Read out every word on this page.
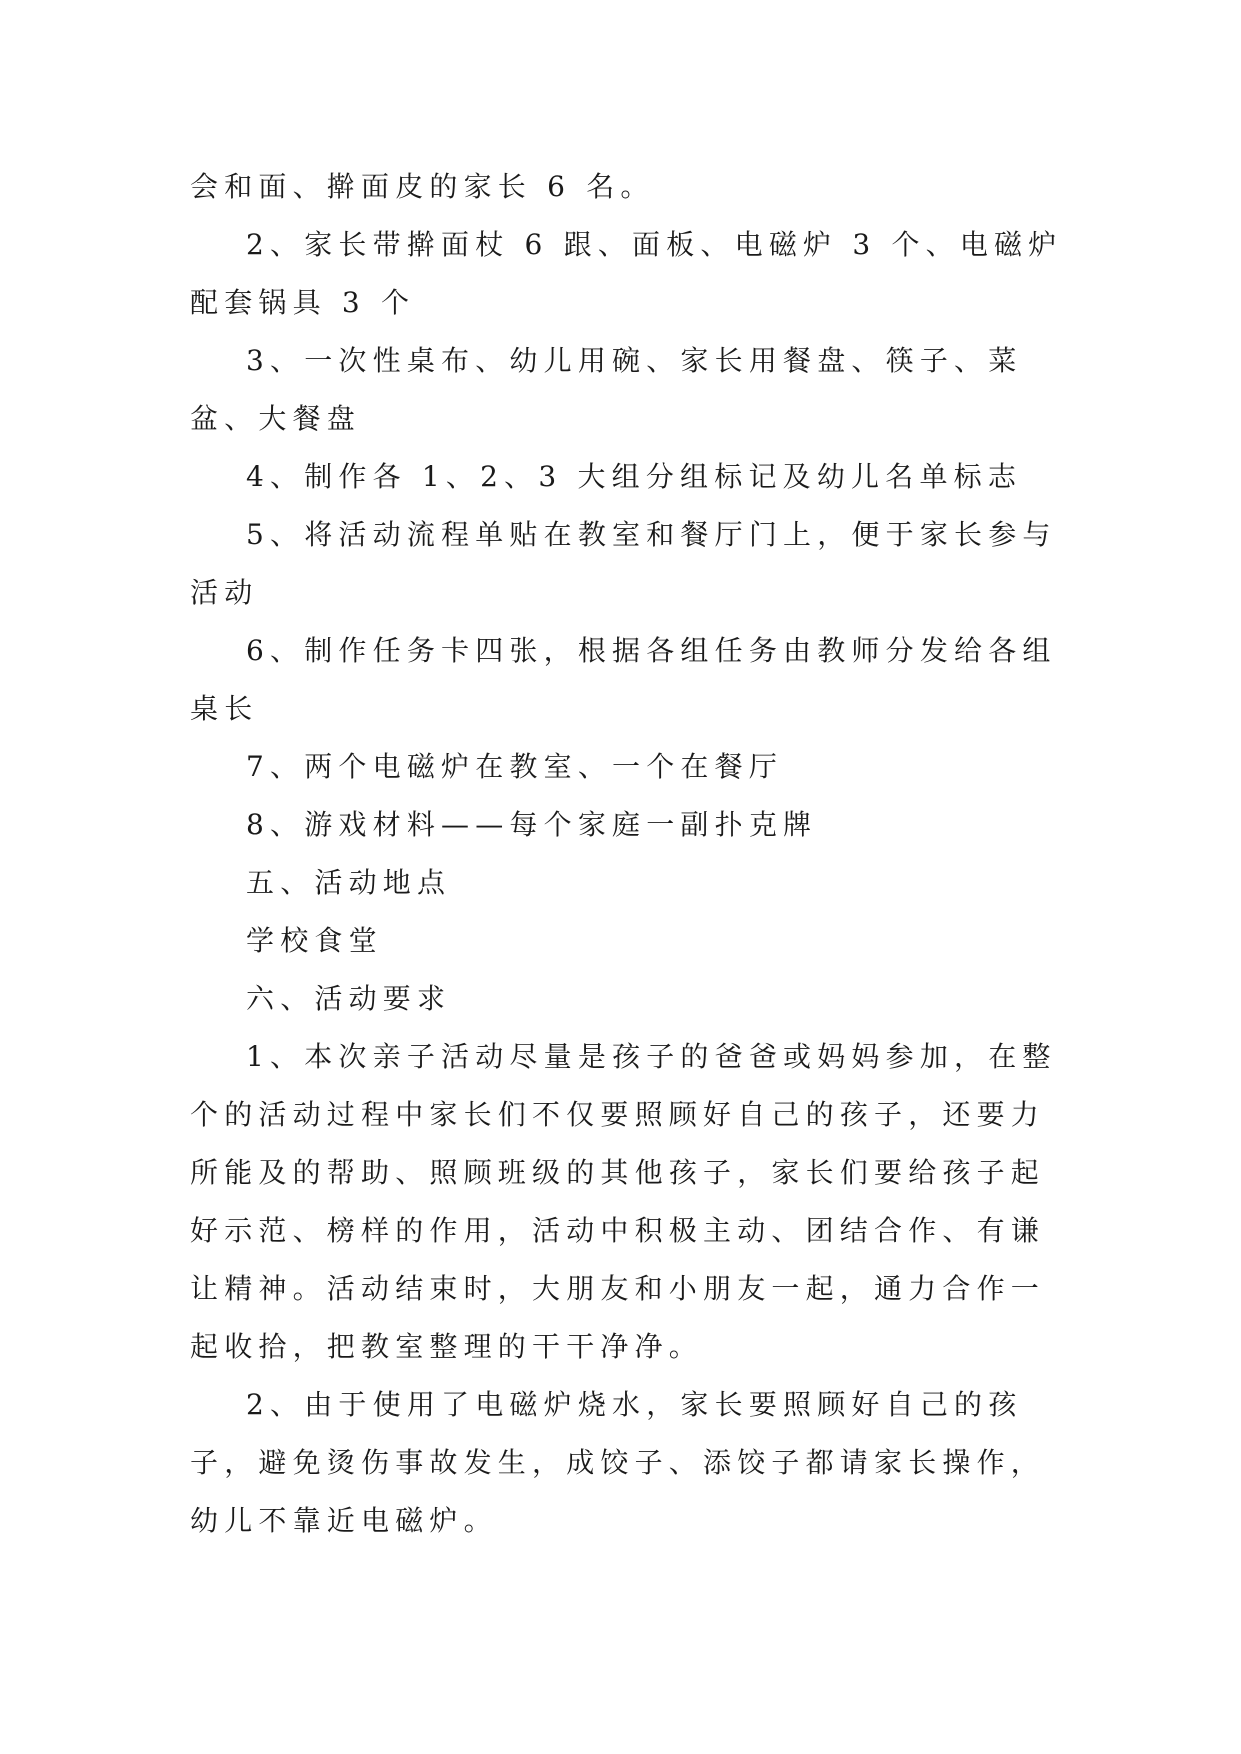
会和面、擀面皮的家长 6 名。

2、家长带擀面杖 6 跟、面板、电磁炉 3 个、电磁炉配套锅具 3 个

3、一次性桌布、幼儿用碗、家长用餐盘、筷子、菜盆、大餐盘

4、制作各 1、2、3 大组分组标记及幼儿名单标志

5、将活动流程单贴在教室和餐厅门上，便于家长参与活动

6、制作任务卡四张，根据各组任务由教师分发给各组桌长

7、两个电磁炉在教室、一个在餐厅

8、游戏材料——每个家庭一副扑克牌

五、活动地点

学校食堂

六、活动要求

1、本次亲子活动尽量是孩子的爸爸或妈妈参加，在整个的活动过程中家长们不仅要照顾好自己的孩子，还要力所能及的帮助、照顾班级的其他孩子，家长们要给孩子起好示范、榜样的作用，活动中积极主动、团结合作、有谦让精神。活动结束时，大朋友和小朋友一起，通力合作一起收拾，把教室整理的干干净净。

2、由于使用了电磁炉烧水，家长要照顾好自己的孩子，避免烫伤事故发生，成饺子、添饺子都请家长操作，幼儿不靠近电磁炉。
